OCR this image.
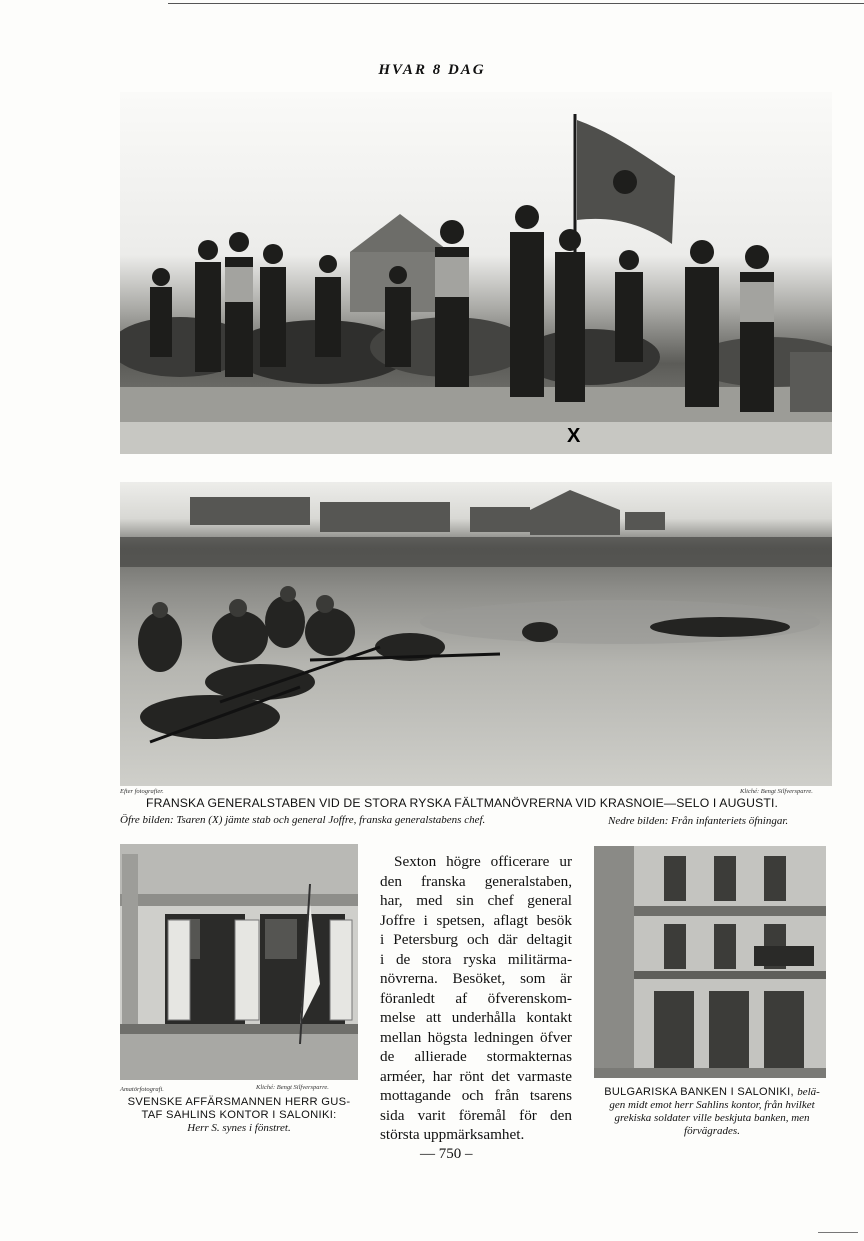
HVAR 8 DAG
X
Efter fotografier.	Kliché: Bengt Silfversparre.
FRANSKA GENERALSTABEN VID DE STORA RYSKA FÄLTMANÖVRERNA VID KRASNOIE—SELO I AUGUSTI.
Öfre bilden: Tsaren (X) jämte stab och general Joffre, franska generalstabens chef.	Nedre bilden: Från infanteriets öfningar.
Amatörfotografi.	Kliché: Bengt Silfversparre.
SVENSKE AFFÄRSMANNEN HERR GUS-
TAF SAHLINS KONTOR I SALONIKI:
Herr S. synes i fönstret.
Sexton högre officerare ur
den franska generalstaben,
har, med sin chef general
Joffre i spetsen, aflagt besök
i Petersburg och där deltagit
i de stora ryska militärma-
növrerna. Besöket, som är
föranledt af öfverenskom-
melse att underhålla kontakt
mellan högsta ledningen öfver
de allierade stormakternas
arméer, har rönt det varmaste
mottagande och från tsarens
sida varit föremål för den
största uppmärksamhet.
BULGARISKA BANKEN I SALONIKI, belä-
gen midt emot herr Sahlins kontor, från hvilket
grekiska soldater ville beskjuta banken, men
förvägrades.
— 750 –
